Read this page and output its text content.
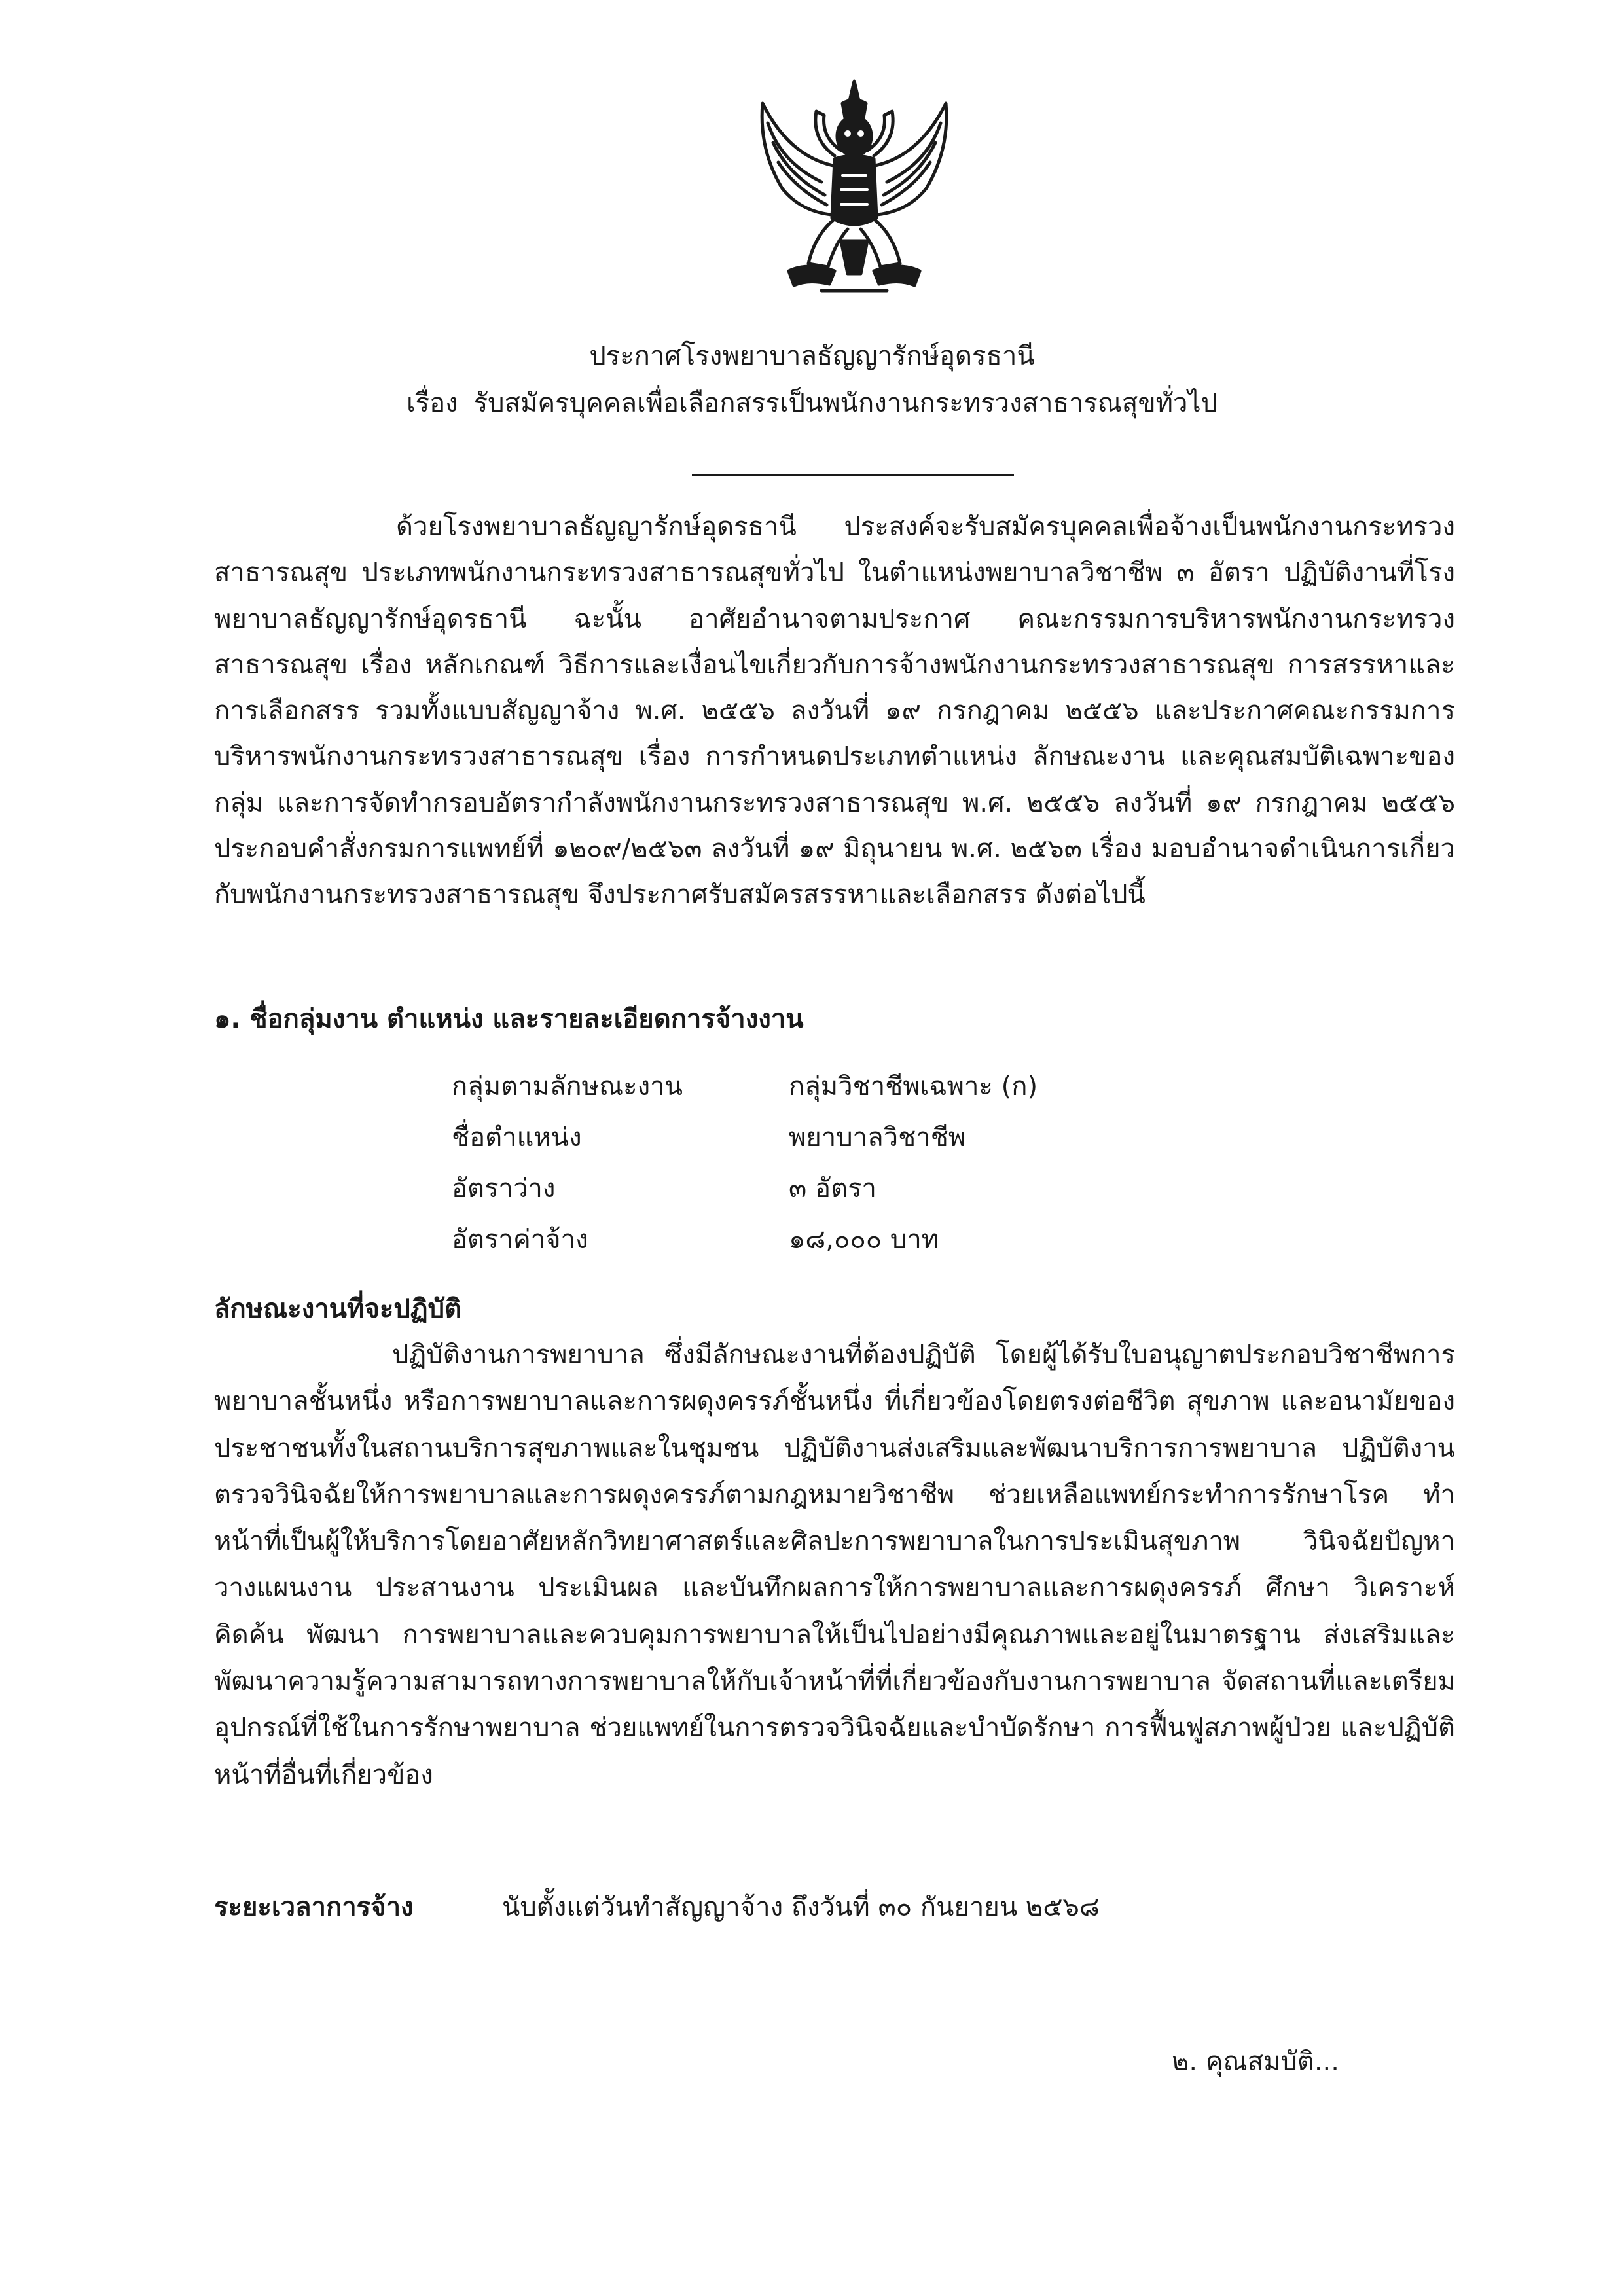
ประกาศโรงพยาบาลธัญญารักษ์อุดรธานี
เรื่อง รับสมัครบุคคลเพื่อเลือกสรรเป็นพนักงานกระทรวงสาธารณสุขทั่วไป

ด้วยโรงพยาบาลธัญญารักษ์อุดรธานี ประสงค์จะรับสมัครบุคคลเพื่อจ้างเป็นพนักงานกระทรวงสาธารณสุข ประเภทพนักงานกระทรวงสาธารณสุขทั่วไป ในตำแหน่งพยาบาลวิชาชีพ ๓ อัตรา ปฏิบัติงานที่โรงพยาบาลธัญญารักษ์อุดรธานี ฉะนั้น อาศัยอำนาจตามประกาศ คณะกรรมการบริหารพนักงานกระทรวงสาธารณสุข เรื่อง หลักเกณฑ์ วิธีการและเงื่อนไขเกี่ยวกับการจ้างพนักงานกระทรวงสาธารณสุข การสรรหาและการเลือกสรร รวมทั้งแบบสัญญาจ้าง พ.ศ. ๒๕๕๖ ลงวันที่ ๑๙ กรกฎาคม ๒๕๕๖ และประกาศคณะกรรมการบริหารพนักงานกระทรวงสาธารณสุข เรื่อง การกำหนดประเภทตำแหน่ง ลักษณะงาน และคุณสมบัติเฉพาะของกลุ่ม และการจัดทำกรอบอัตรากำลังพนักงานกระทรวงสาธารณสุข พ.ศ. ๒๕๕๖ ลงวันที่ ๑๙ กรกฎาคม ๒๕๕๖ ประกอบคำสั่งกรมการแพทย์ที่ ๑๒๐๙/๒๕๖๓ ลงวันที่ ๑๙ มิถุนายน พ.ศ. ๒๕๖๓ เรื่อง มอบอำนาจดำเนินการเกี่ยวกับพนักงานกระทรวงสาธารณสุข จึงประกาศรับสมัครสรรหาและเลือกสรร ดังต่อไปนี้

๑. ชื่อกลุ่มงาน ตำแหน่ง และรายละเอียดการจ้างงาน
กลุ่มตามลักษณะงาน	กลุ่มวิชาชีพเฉพาะ (ก)
ชื่อตำแหน่ง	พยาบาลวิชาชีพ
อัตราว่าง	๓ อัตรา
อัตราค่าจ้าง	๑๘,๐๐๐ บาท
ลักษณะงานที่จะปฏิบัติ

ปฏิบัติงานการพยาบาล ซึ่งมีลักษณะงานที่ต้องปฏิบัติ โดยผู้ได้รับใบอนุญาตประกอบวิชาชีพการพยาบาลชั้นหนึ่ง หรือการพยาบาลและการผดุงครรภ์ชั้นหนึ่ง ที่เกี่ยวข้องโดยตรงต่อชีวิต สุขภาพ และอนามัยของประชาชนทั้งในสถานบริการสุขภาพและในชุมชน ปฏิบัติงานส่งเสริมและพัฒนาบริการการพยาบาล ปฏิบัติงานตรวจวินิจฉัยให้การพยาบาลและการผดุงครรภ์ตามกฎหมายวิชาชีพ ช่วยเหลือแพทย์กระทำการรักษาโรค ทำหน้าที่เป็นผู้ให้บริการโดยอาศัยหลักวิทยาศาสตร์และศิลปะการพยาบาลในการประเมินสุขภาพ วินิจฉัยปัญหา วางแผนงาน ประสานงาน ประเมินผล และบันทึกผลการให้การพยาบาลและการผดุงครรภ์ ศึกษา วิเคราะห์ คิดค้น พัฒนา การพยาบาลและควบคุมการพยาบาลให้เป็นไปอย่างมีคุณภาพและอยู่ในมาตรฐาน ส่งเสริมและพัฒนาความรู้ความสามารถทางการพยาบาลให้กับเจ้าหน้าที่ที่เกี่ยวข้องกับงานการพยาบาล จัดสถานที่และเตรียมอุปกรณ์ที่ใช้ในการรักษาพยาบาล ช่วยแพทย์ในการตรวจวินิจฉัยและบำบัดรักษา การฟื้นฟูสภาพผู้ป่วย และปฏิบัติหน้าที่อื่นที่เกี่ยวข้อง

ระยะเวลาการจ้าง	นับตั้งแต่วันทำสัญญาจ้าง ถึงวันที่ ๓๐ กันยายน ๒๕๖๘
๒. คุณสมบัติ...
